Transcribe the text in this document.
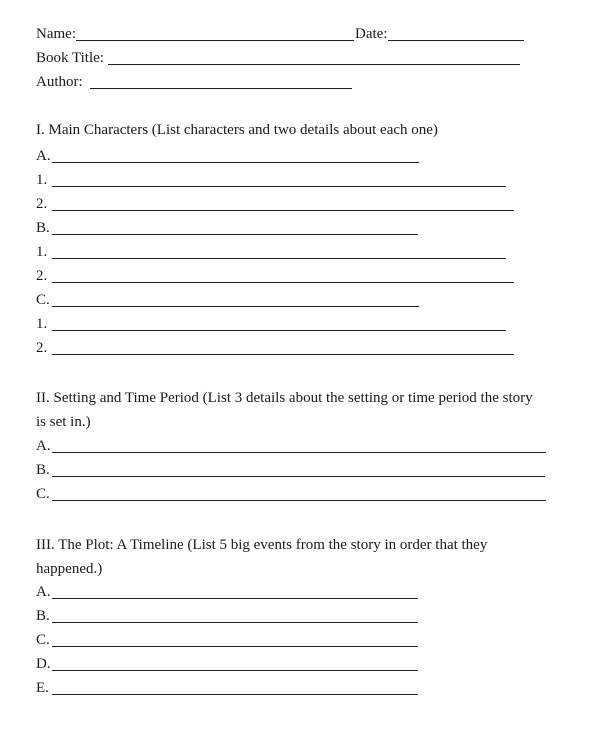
Name:	Date:
Book Title:
Author:
I. Main Characters (List characters and two details about each one)
A.
1.
2.
B.
1.
2.
C.
1.
2.
II. Setting and Time Period (List 3 details about the setting or time period the story
is set in.)
A.
B.
C.
III. The Plot: A Timeline (List 5 big events from the story in order that they
happened.)
A.
B.
C.
D.
E.
